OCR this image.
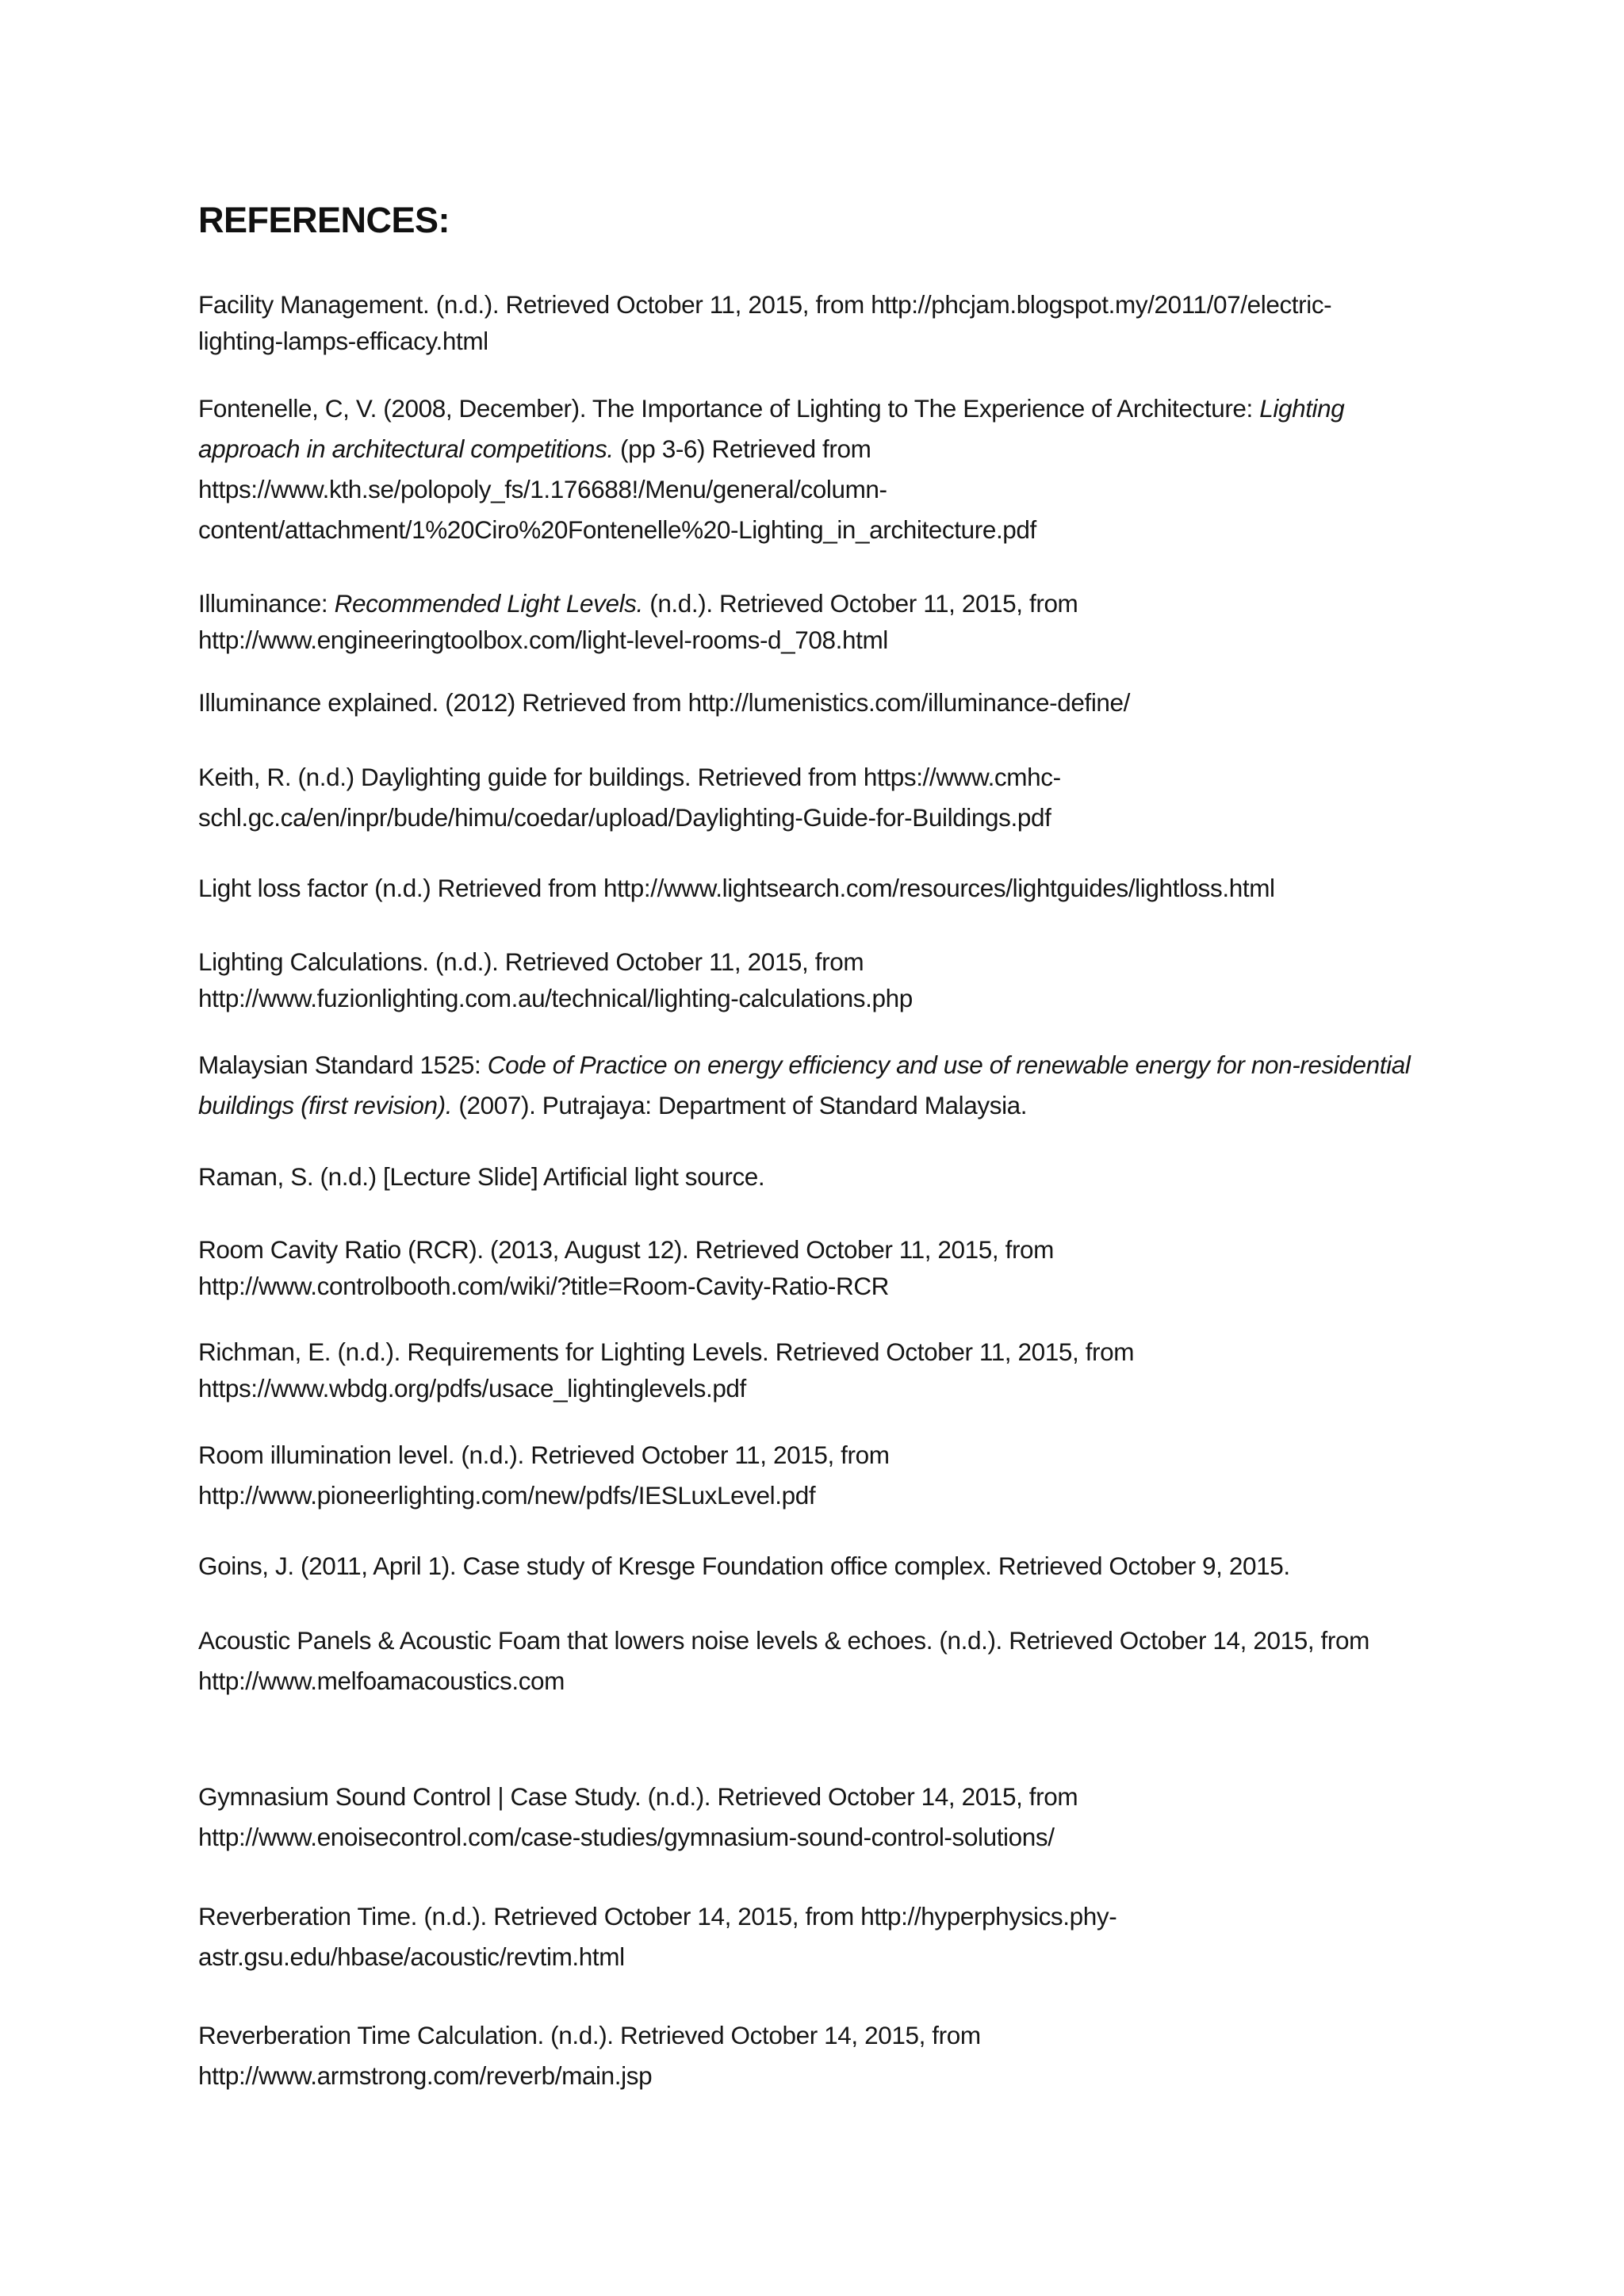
REFERENCES:

Facility Management. (n.d.). Retrieved October 11, 2015, from http://phcjam.blogspot.my/2011/07/electric-
lighting-lamps-efficacy.html

Fontenelle, C, V. (2008, December). The Importance of Lighting to The Experience of Architecture: Lighting
approach in architectural competitions. (pp 3-6) Retrieved from
https://www.kth.se/polopoly_fs/1.176688!/Menu/general/column-
content/attachment/1%20Ciro%20Fontenelle%20-Lighting_in_architecture.pdf

Illuminance: Recommended Light Levels. (n.d.). Retrieved October 11, 2015, from
http://www.engineeringtoolbox.com/light-level-rooms-d_708.html

Illuminance explained. (2012) Retrieved from http://lumenistics.com/illuminance-define/

Keith, R. (n.d.) Daylighting guide for buildings. Retrieved from https://www.cmhc-
schl.gc.ca/en/inpr/bude/himu/coedar/upload/Daylighting-Guide-for-Buildings.pdf

Light loss factor (n.d.) Retrieved from http://www.lightsearch.com/resources/lightguides/lightloss.html

Lighting Calculations. (n.d.). Retrieved October 11, 2015, from
http://www.fuzionlighting.com.au/technical/lighting-calculations.php

Malaysian Standard 1525: Code of Practice on energy efficiency and use of renewable energy for non-residential
buildings (first revision). (2007). Putrajaya: Department of Standard Malaysia.

Raman, S. (n.d.) [Lecture Slide] Artificial light source.

Room Cavity Ratio (RCR). (2013, August 12). Retrieved October 11, 2015, from
http://www.controlbooth.com/wiki/?title=Room-Cavity-Ratio-RCR

Richman, E. (n.d.). Requirements for Lighting Levels. Retrieved October 11, 2015, from
https://www.wbdg.org/pdfs/usace_lightinglevels.pdf

Room illumination level. (n.d.). Retrieved October 11, 2015, from
http://www.pioneerlighting.com/new/pdfs/IESLuxLevel.pdf

Goins, J. (2011, April 1). Case study of Kresge Foundation office complex. Retrieved October 9, 2015.

Acoustic Panels & Acoustic Foam that lowers noise levels & echoes. (n.d.). Retrieved October 14, 2015, from
http://www.melfoamacoustics.com

Gymnasium Sound Control | Case Study. (n.d.). Retrieved October 14, 2015, from
http://www.enoisecontrol.com/case-studies/gymnasium-sound-control-solutions/

Reverberation Time. (n.d.). Retrieved October 14, 2015, from http://hyperphysics.phy-
astr.gsu.edu/hbase/acoustic/revtim.html

Reverberation Time Calculation. (n.d.). Retrieved October 14, 2015, from
http://www.armstrong.com/reverb/main.jsp
